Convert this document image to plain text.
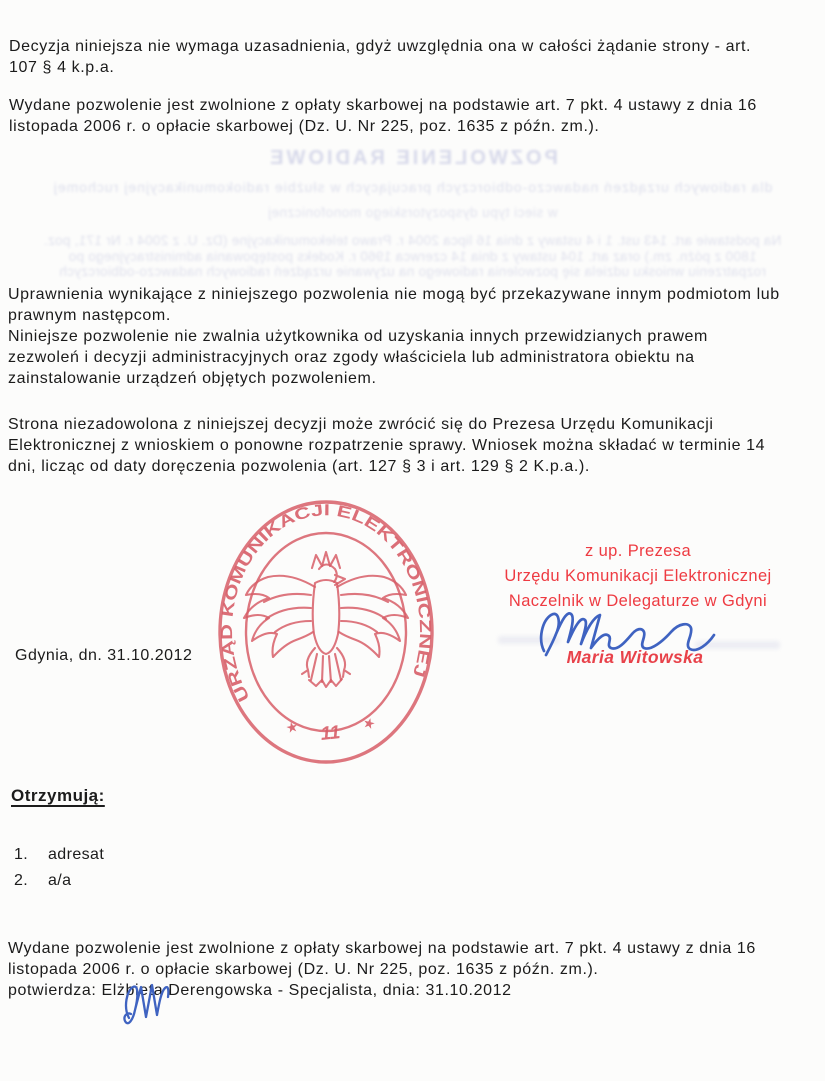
Decyzja niniejsza nie wymaga uzasadnienia, gdyż uwzględnia ona w całości żądanie strony - art.
107 § 4 k.p.a.
Wydane pozwolenie jest zwolnione z opłaty skarbowej na podstawie art. 7 pkt. 4 ustawy z dnia 16
listopada 2006 r. o opłacie skarbowej (Dz. U. Nr 225, poz. 1635 z późn. zm.).
POZWOLENIE RADIOWE
dla radiowych urządzeń nadawczo-odbiorczych pracujących w służbie radiokomunikacyjnej ruchomej
w sieci typu dyspozytorskiego monofonicznej
Na podstawie art. 143 ust. 1 i 4 ustawy z dnia 16 lipca 2004 r. Prawo telekomunikacyjne (Dz. U. z 2004 r. Nr 171, poz.
1800 z późn. zm.) oraz art. 104 ustawy z dnia 14 czerwca 1960 r. Kodeks postępowania administracyjnego po
rozpatrzeniu wniosku udziela się pozwolenia radiowego na używanie urządzeń radiowych nadawczo-odbiorczych
Uprawnienia wynikające z niniejszego pozwolenia nie mogą być przekazywane innym podmiotom lub
prawnym następcom.
Niniejsze pozwolenie nie zwalnia użytkownika od uzyskania innych przewidzianych prawem
zezwoleń i decyzji administracyjnych oraz zgody właściciela lub administratora obiektu na
zainstalowanie urządzeń objętych pozwoleniem.
Strona niezadowolona z niniejszej decyzji może zwrócić się do Prezesa Urzędu Komunikacji
Elektronicznej z wnioskiem o ponowne rozpatrzenie sprawy. Wniosek można składać w terminie 14
dni, licząc od daty doręczenia pozwolenia (art. 127 § 3 i art. 129 § 2 K.p.a.).
URZĄD KOMUNIKACJI ELEKTRONICZNEJ
★ 11 ★
z up. Prezesa
Urzędu Komunikacji Elektronicznej
Naczelnik w Delegaturze w Gdyni
Maria Witowska
Gdynia, dn. 31.10.2012
Otrzymują:
1.	adresat
2.	a/a
Wydane pozwolenie jest zwolnione z opłaty skarbowej na podstawie art. 7 pkt. 4 ustawy z dnia 16
listopada 2006 r. o opłacie skarbowej (Dz. U. Nr 225, poz. 1635 z późn. zm.).
potwierdza: Elżbieta Derengowska - Specjalista, dnia: 31.10.2012
